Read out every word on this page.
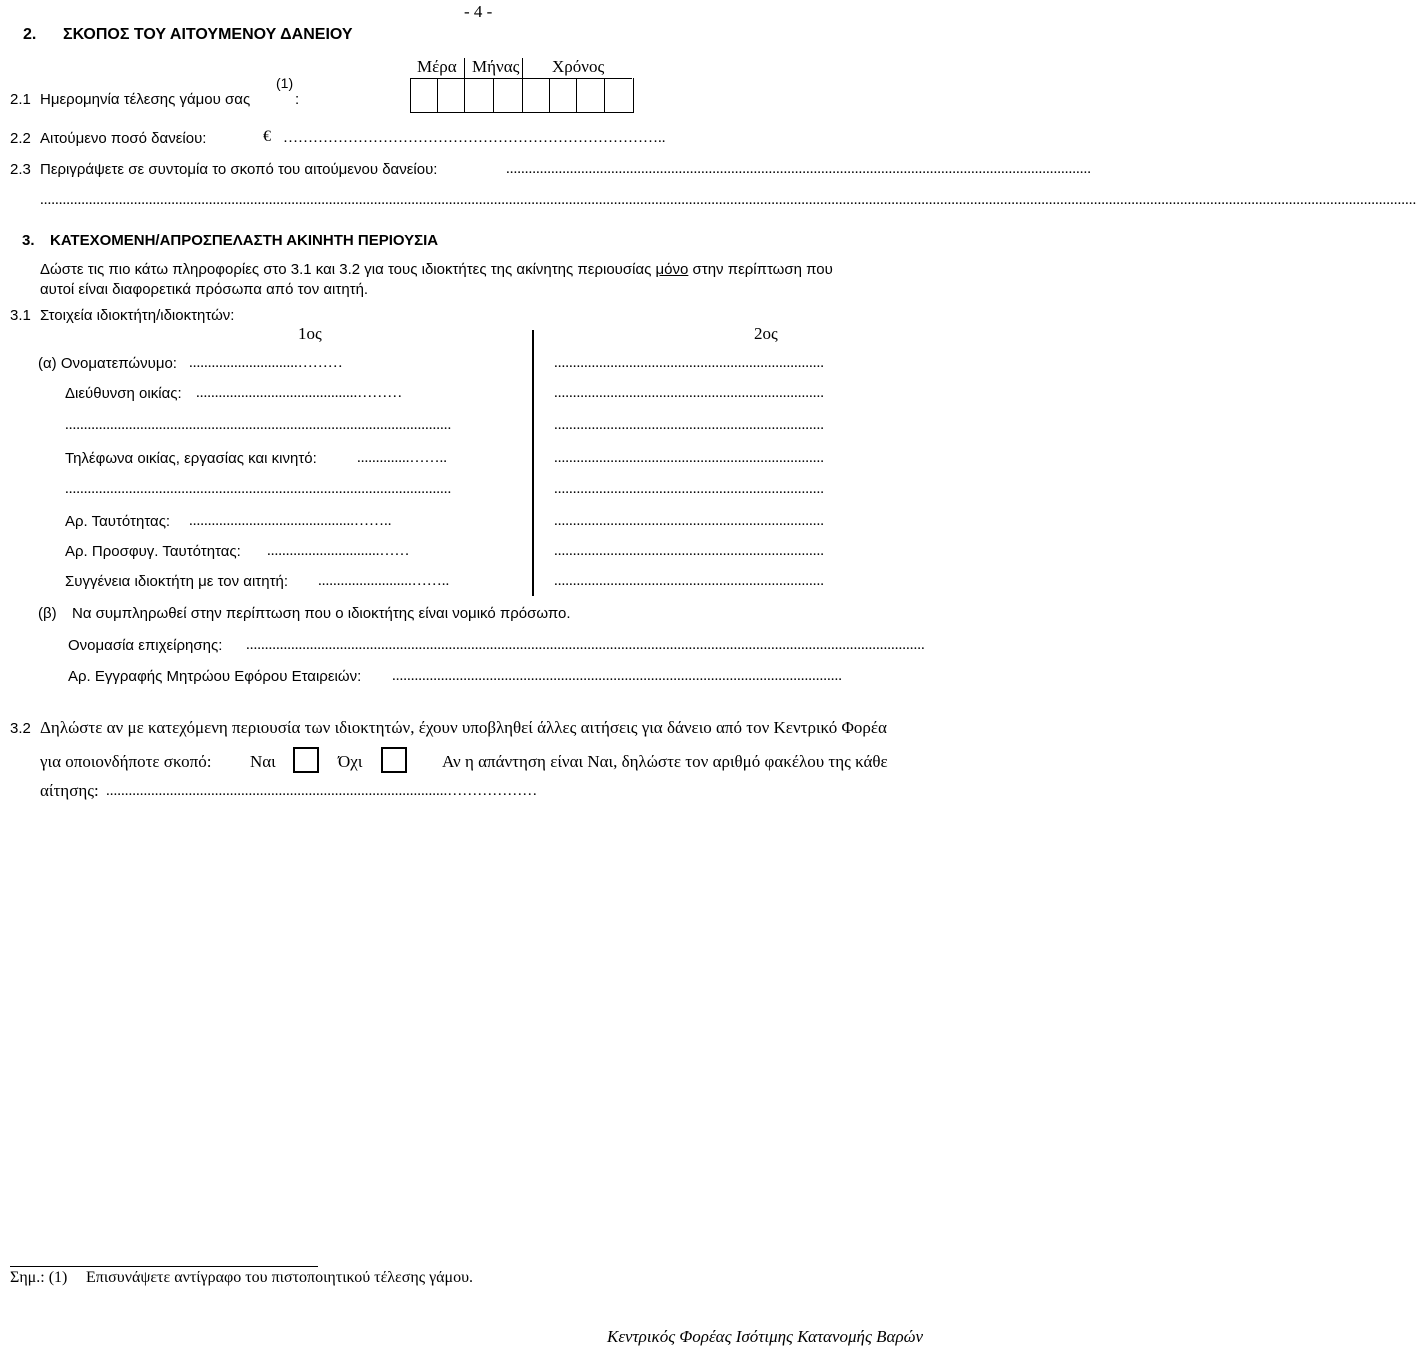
- 4 -
2. ΣΚΟΠΟΣ ΤΟΥ ΑΙΤΟΥΜΕΝΟΥ ΔΑΝΕΙΟΥ
Μέρα Μήνας Χρόνος
2.1 Ημερομηνία τέλεσης γάμου σας
(1)
:
2.2 Αιτούμενο ποσό δανείου:	€ …………………………………………………………………..
2.3 Περιγράψετε σε συντομία το σκοπό του αιτούμενου δανείου:	............................................................................................................................................................
...............................................................................................................................................................................................................................................................................................................................................................................
3. ΚΑΤΕΧΟΜΕΝΗ/ΑΠΡΟΣΠΕΛΑΣΤΗ ΑΚΙΝΗΤΗ ΠΕΡΙΟΥΣΙΑ
Δώστε τις πιο κάτω πληροφορίες στο 3.1 και 3.2 για τους ιδιοκτήτες της ακίνητης περιουσίας μόνο στην περίπτωση που
αυτοί είναι διαφορετικά πρόσωπα από τον αιτητή.
3.1 Στοιχεία ιδιοκτήτη/ιδιοκτητών:
1ος	2ος
(α) Ονοματεπώνυμο: .............................………	........................................................................
Διεύθυνση οικίας: ...........................................………	........................................................................
.......................................................................................................	........................................................................
Τηλέφωνα οικίας, εργασίας και κινητό:	..............……..	........................................................................
.......................................................................................................	........................................................................
Αρ. Ταυτότητας: ............................................……..	........................................................................
Αρ. Προσφυγ. Ταυτότητας: ..............................……	........................................................................
Συγγένεια ιδιοκτήτη με τον αιτητή: .........................……..	........................................................................
(β) Να συμπληρωθεί στην περίπτωση που ο ιδιοκτήτης είναι νομικό πρόσωπο.
Ονομασία επιχείρησης: .....................................................................................................................................................................................
Αρ. Εγγραφής Μητρώου Εφόρου Εταιρειών: ........................................................................................................................
3.2 Δηλώστε αν με κατεχόμενη περιουσία των ιδιοκτητών, έχουν υποβληθεί άλλες αιτήσεις για δάνειο από τον Κεντρικό Φορέα
για οποιονδήποτε σκοπό: Ναι	Όχι	Αν η απάντηση είναι Ναι, δηλώστε τον αριθμό φακέλου της κάθε
αίτησης: ...........................................................................................………………
Σημ.: (1) Επισυνάψετε αντίγραφο του πιστοποιητικού τέλεσης γάμου.
Κεντρικός Φορέας Ισότιμης Κατανομής Βαρών
